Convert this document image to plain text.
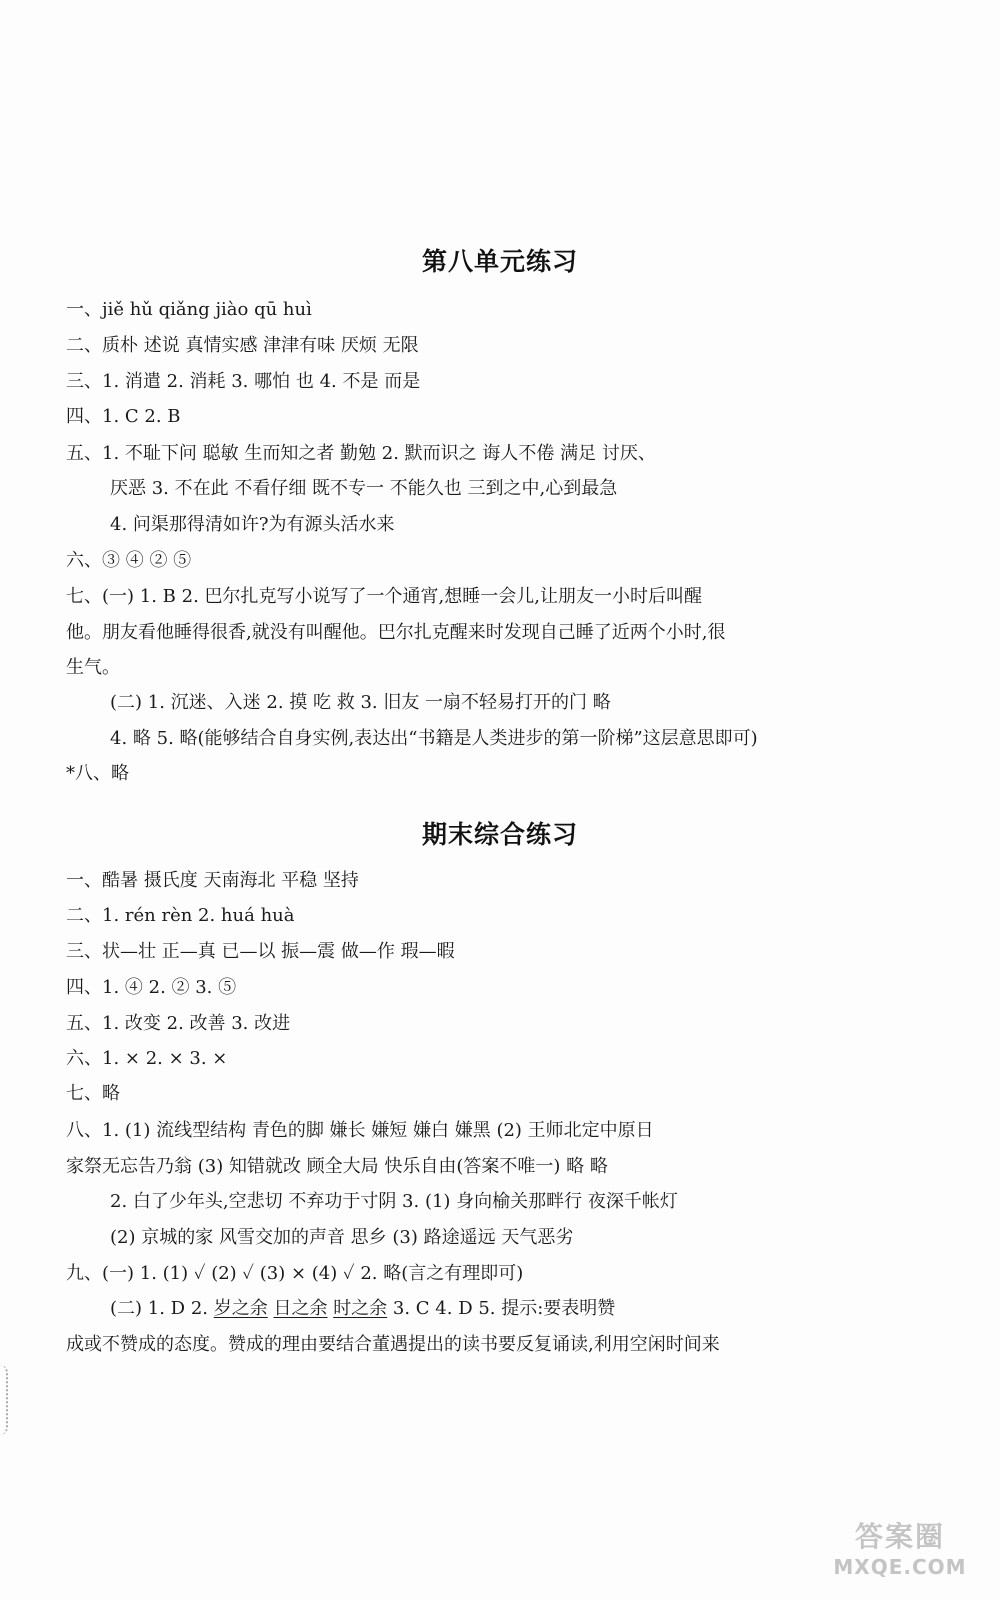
第八单元练习
一、jiě hǔ qiǎng jiào qū huì
二、质朴 述说 真情实感 津津有味 厌烦 无限
三、1. 消遣 2. 消耗 3. 哪怕 也 4. 不是 而是
四、1. C 2. B
五、1. 不耻下问 聪敏 生而知之者 勤勉 2. 默而识之 诲人不倦 满足 讨厌、
厌恶 3. 不在此 不看仔细 既不专一 不能久也 三到之中,心到最急
4. 问渠那得清如许?为有源头活水来
六、③ ④ ② ⑤
七、(一) 1. B 2. 巴尔扎克写小说写了一个通宵,想睡一会儿,让朋友一小时后叫醒
他。朋友看他睡得很香,就没有叫醒他。巴尔扎克醒来时发现自己睡了近两个小时,很
生气。
(二) 1. 沉迷、入迷 2. 摸 吃 救 3. 旧友 一扇不轻易打开的门 略
4. 略 5. 略(能够结合自身实例,表达出“书籍是人类进步的第一阶梯”这层意思即可)
*八、略
期末综合练习
一、酷暑 摄氏度 天南海北 平稳 坚持
二、1. rén rèn 2. huá huà
三、状—壮 正—真 已—以 振—震 做—作 瑕—暇
四、1. ④ 2. ② 3. ⑤
五、1. 改变 2. 改善 3. 改进
六、1. × 2. × 3. ×
七、略
八、1. (1) 流线型结构 青色的脚 嫌长 嫌短 嫌白 嫌黑 (2) 王师北定中原日
家祭无忘告乃翁 (3) 知错就改 顾全大局 快乐自由(答案不唯一) 略 略
2. 白了少年头,空悲切 不弃功于寸阴 3. (1) 身向榆关那畔行 夜深千帐灯
(2) 京城的家 风雪交加的声音 思乡 (3) 路途遥远 天气恶劣
九、(一) 1. (1) ✓ (2) ✓ (3) × (4) ✓ 2. 略(言之有理即可)
(二) 1. D 2. 岁之余 日之余 时之余 3. C 4. D 5. 提示:要表明赞
成或不赞成的态度。赞成的理由要结合董遇提出的读书要反复诵读,利用空闲时间来
答案圈
MXQE.COM
